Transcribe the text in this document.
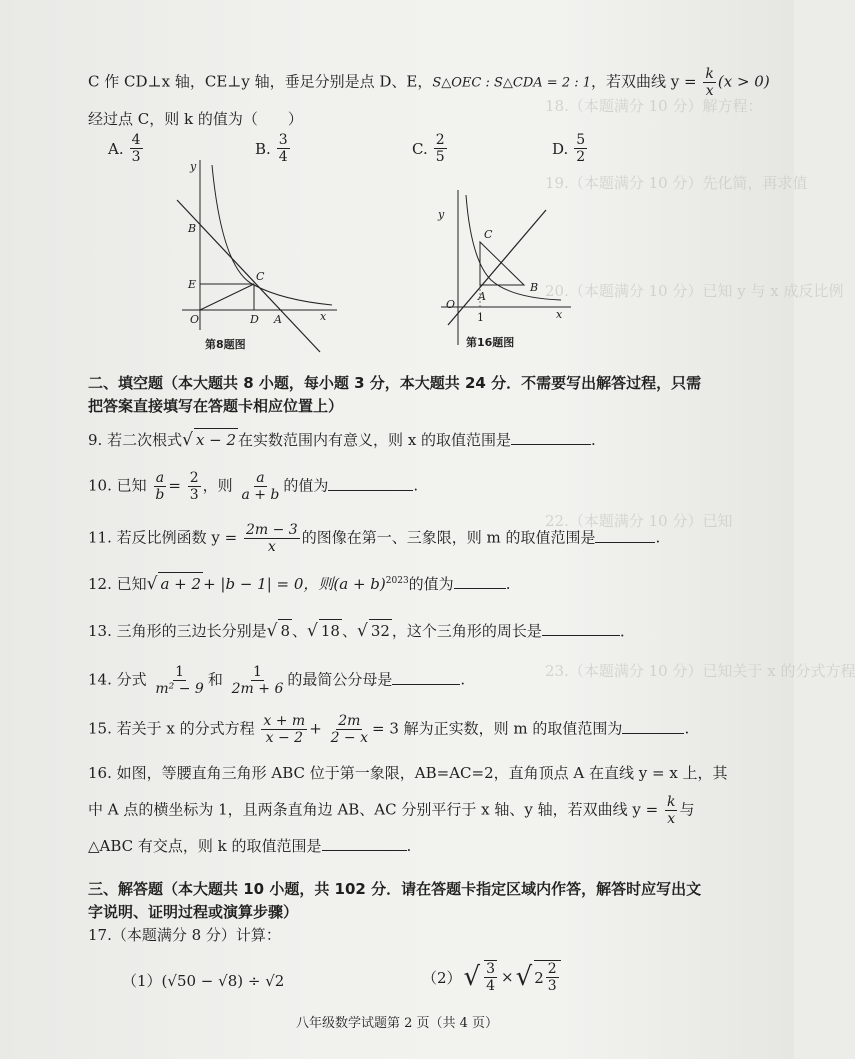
18.（本题满分 10 分）解方程：
19.（本题满分 10 分）先化简，再求值
20.（本题满分 10 分）已知 y 与 x 成反比例
22.（本题满分 10 分）已知
23.（本题满分 10 分）已知关于 x 的分式方程
C 作 CD⊥x 轴，CE⊥y 轴，垂足分别是点 D、E，S△OEC : S△CDA = 2 : 1，若双曲线 $y = \frac{k}{x} (x > 0)$
经过点 C，则 k 的值为（　　）
A. $\frac{4}{3}$	B. $\frac{3}{4}$	C. $\frac{2}{5}$	D. $\frac{5}{2}$
B
E
C
O	D A	x
y
第8题图
y
C
A
B
O
1	x
第16题图
二、填空题（本大题共 8 小题，每小题 3 分，本大题共 24 分．不需要写出解答过程，只需
把答案直接填写在答题卡相应位置上）
9. 若二次根式√ x − 2 在实数范围内有意义，则 x 的取值范围是	.
10. 已知 $\frac{a}{b} = \frac{2}{3}$ ，则 $\frac{a}{a + b}$ 的值为	.
11. 若反比例函数 $y = \frac{2m - 3}{x}$ 的图像在第一、三象限，则 m 的取值范围是	.
12. 已知√ a + 2 + |b − 1| = 0，则$(a + b)^{2023}$的值为	.
13. 三角形的三边长分别是√ 8 、√ 18 、√ 32 ，这个三角形的周长是	．
14. 分式 $\frac{1}{\text{m² − 9}}$ 和 $\frac{1}{2m + 6}$ 的最简公分母是	.
15. 若关于 x 的分式方程 $\frac{x + m}{x - 2} + \frac{2m}{2 - x} = 3$ 解为正实数，则 m 的取值范围为	.
16. 如图，等腰直角三角形 ABC 位于第一象限，AB=AC=2，直角顶点 A 在直线 y = x 上，其
中 A 点的横坐标为 1，且两条直角边 AB、AC 分别平行于 x 轴、y 轴，若双曲线 $y = \frac{k}{x}$ 与
△ABC 有交点，则 k 的取值范围是	.
三、解答题（本大题共 10 小题，共 102 分．请在答题卡指定区域内作答，解答时应写出文
字说明、证明过程或演算步骤）
17.（本题满分 8 分）计算：
（1）(√50 − √8) ÷ √2	（2） √ $\frac{3}{4}$ × √ $2 \frac{2}{3}$
八年级数学试题第 2 页（共 4 页）
